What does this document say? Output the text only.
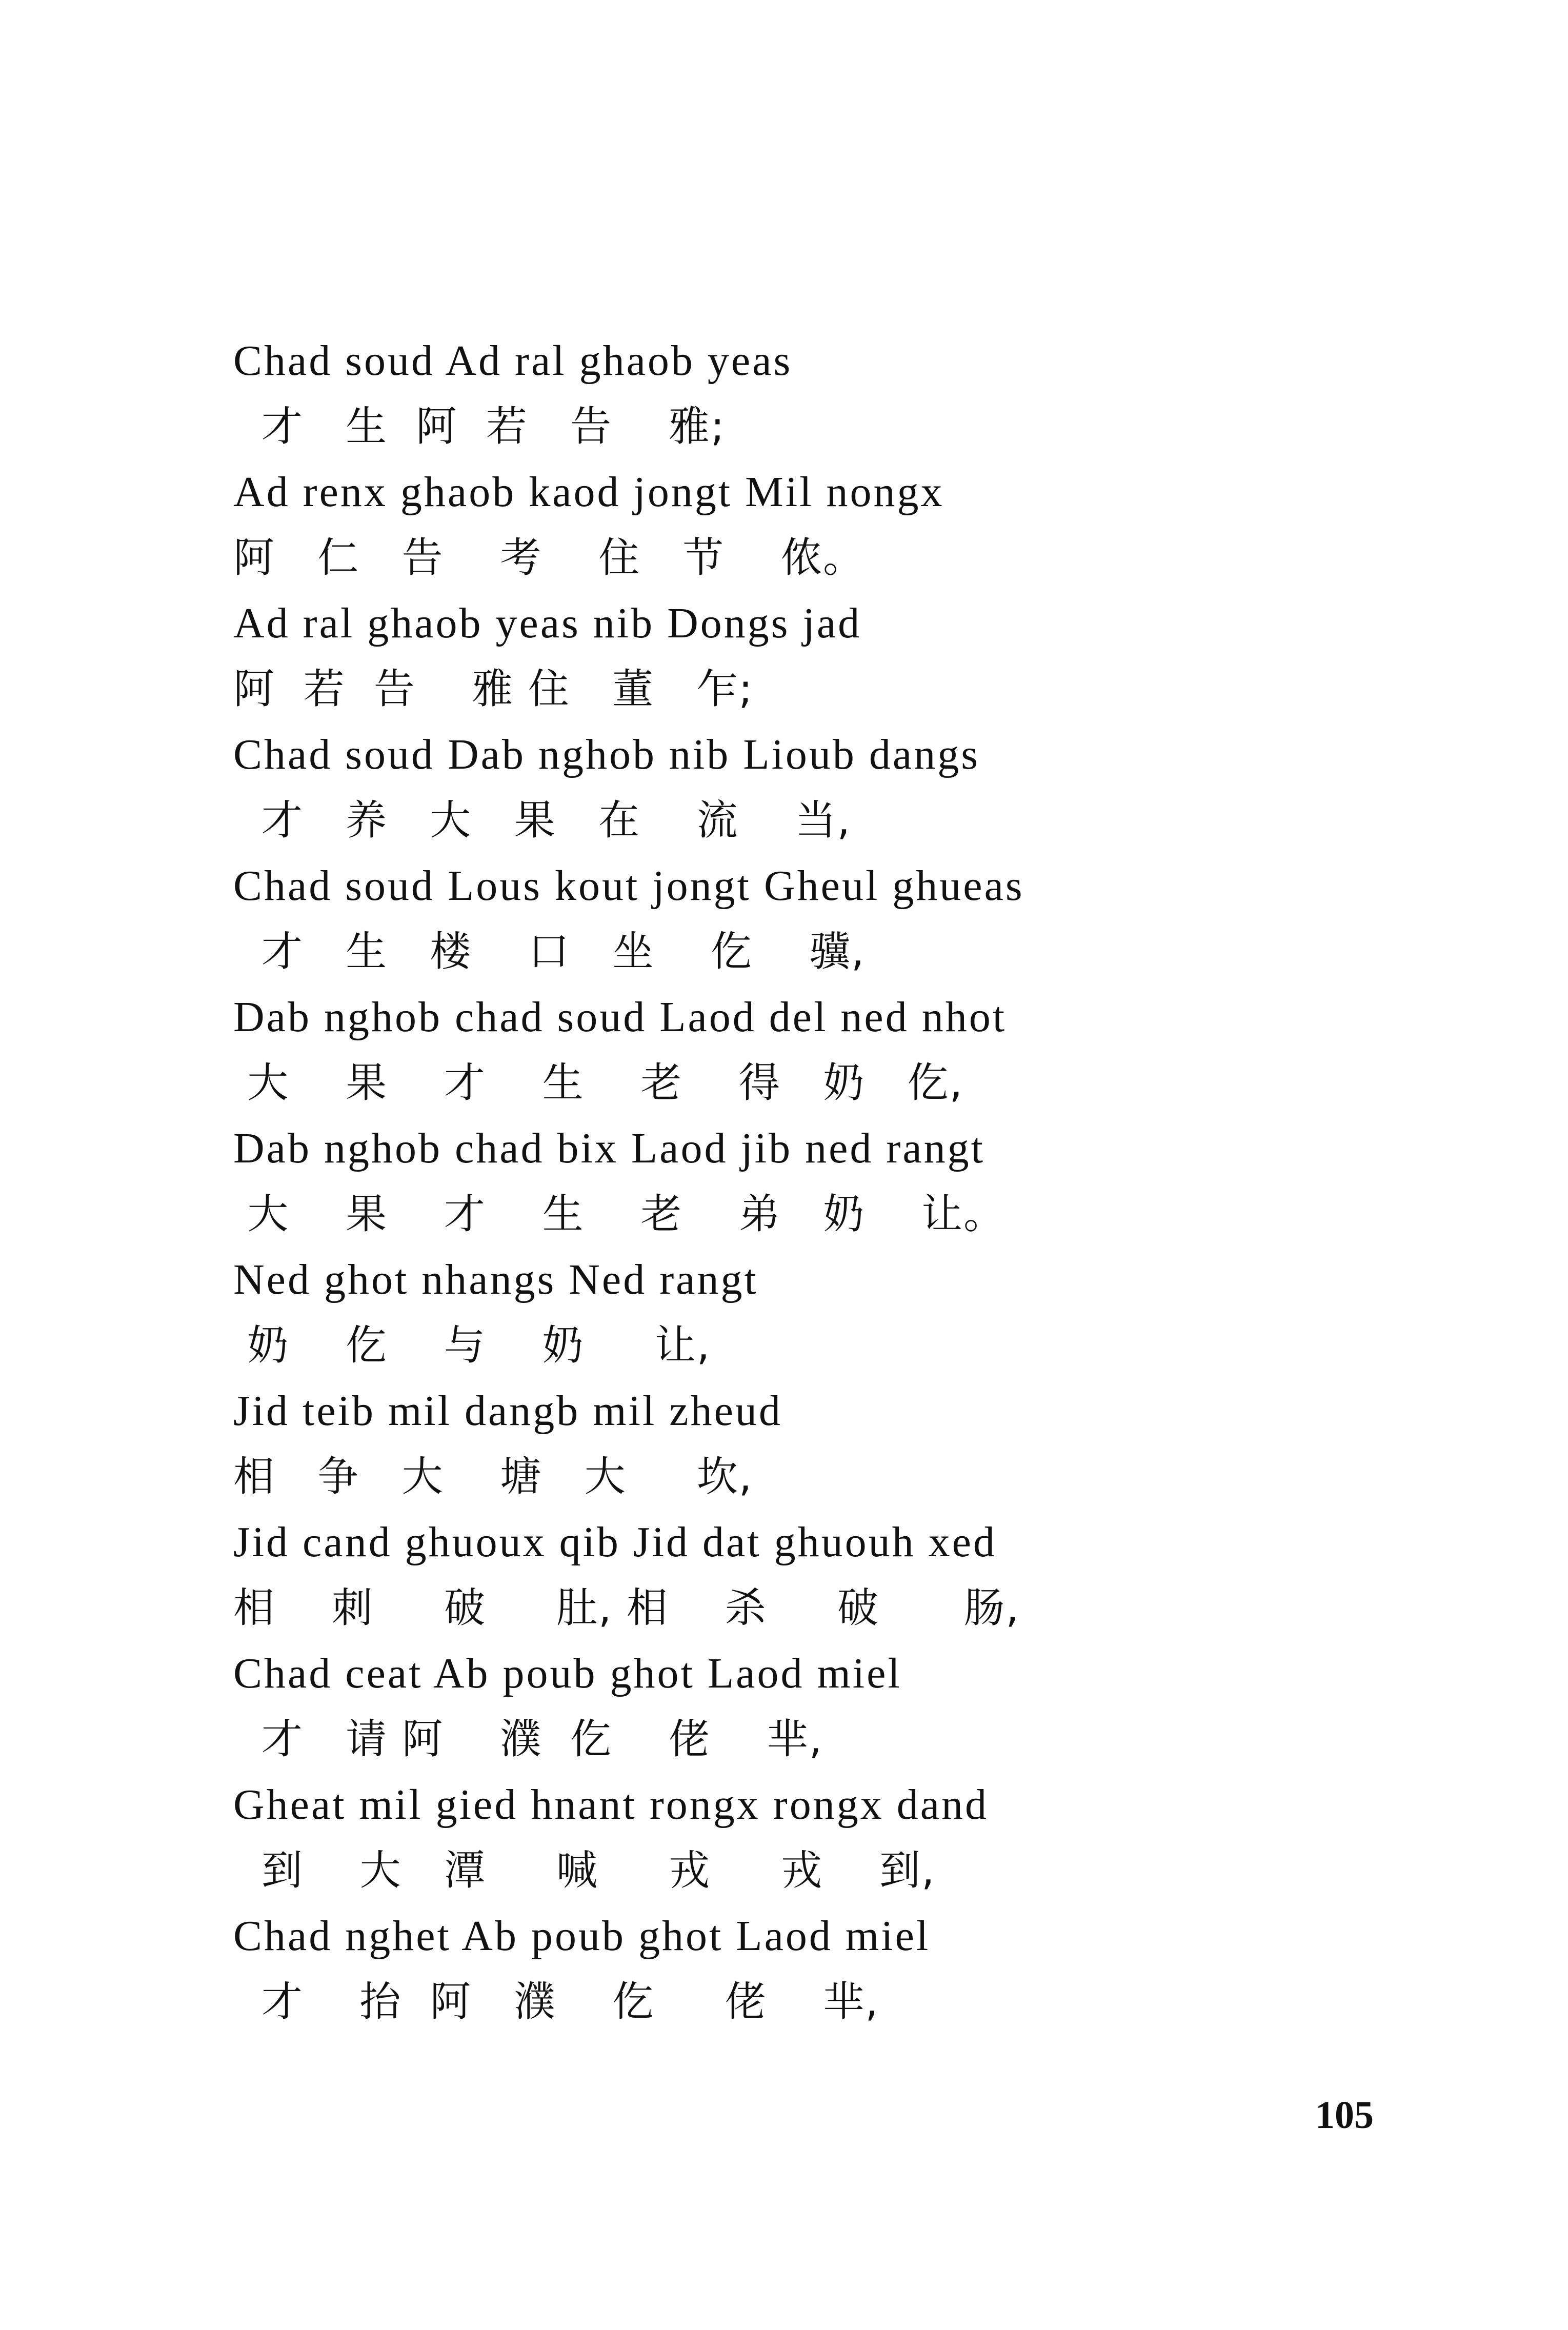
Chad soud Ad ral ghaob yeas
才   生  阿  若   告    雅;
Ad renx ghaob kaod jongt Mil nongx
阿   仁   告    考    住   节    侬。
Ad ral ghaob yeas nib Dongs jad
阿  若  告    雅 住   董   乍;
Chad soud Dab nghob nib Lioub dangs
才   养   大   果   在    流    当,
Chad soud Lous kout jongt Gheul ghueas
才   生   楼    口   坐    仡    骥,
Dab nghob chad soud Laod del ned nhot
大    果    才    生    老    得   奶   仡,
Dab nghob chad bix Laod jib ned rangt
大    果    才    生    老    弟   奶    让。
Ned ghot nhangs Ned rangt
奶    仡    与    奶     让,
Jid teib mil dangb mil zheud
相   争   大    塘   大     坎,
Jid cand ghuoux qib Jid dat ghuouh xed
相    刺     破     肚, 相    杀     破      肠,
Chad ceat Ab poub ghot Laod miel
才   请 阿    濮  仡    佬    芈,
Gheat mil gied hnant rongx rongx dand
到    大   潭     喊     戎     戎    到,
Chad nghet Ab poub ghot Laod miel
才    抬  阿   濮    仡     佬    芈,
105
